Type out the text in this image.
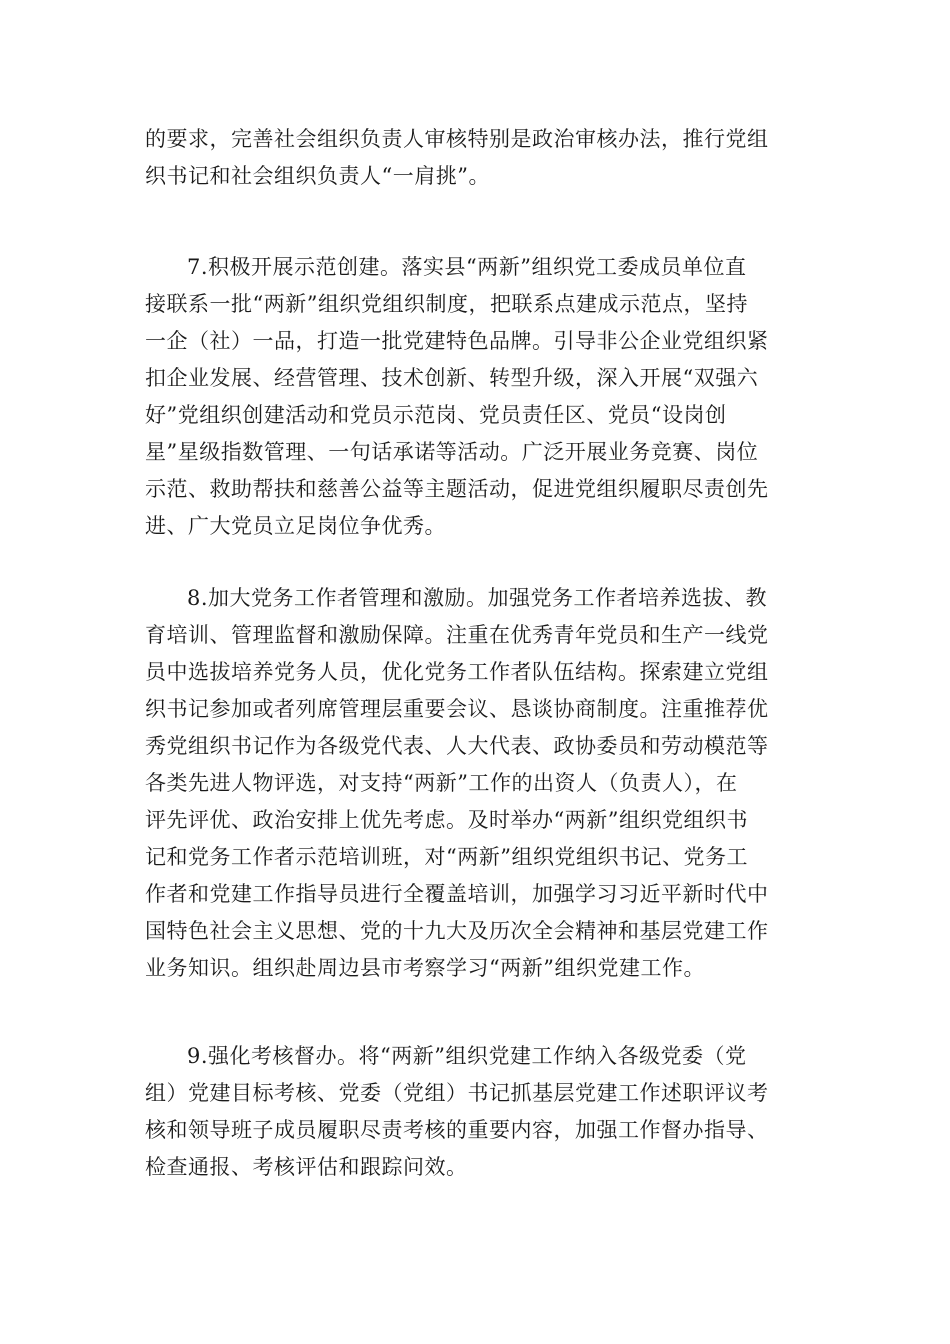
的要求，完善社会组织负责人审核特别是政治审核办法，推行党组
织书记和社会组织负责人“一肩挑”。
7.积极开展示范创建。落实县“两新”组织党工委成员单位直
接联系一批“两新”组织党组织制度，把联系点建成示范点，坚持
一企（社）一品，打造一批党建特色品牌。引导非公企业党组织紧
扣企业发展、经营管理、技术创新、转型升级，深入开展“双强六
好”党组织创建活动和党员示范岗、党员责任区、党员“设岗创
星”星级指数管理、一句话承诺等活动。广泛开展业务竞赛、岗位
示范、救助帮扶和慈善公益等主题活动，促进党组织履职尽责创先
进、广大党员立足岗位争优秀。
8.加大党务工作者管理和激励。加强党务工作者培养选拔、教
育培训、管理监督和激励保障。注重在优秀青年党员和生产一线党
员中选拔培养党务人员，优化党务工作者队伍结构。探索建立党组
织书记参加或者列席管理层重要会议、恳谈协商制度。注重推荐优
秀党组织书记作为各级党代表、人大代表、政协委员和劳动模范等
各类先进人物评选，对支持“两新”工作的出资人（负责人），在
评先评优、政治安排上优先考虑。及时举办“两新”组织党组织书
记和党务工作者示范培训班，对“两新”组织党组织书记、党务工
作者和党建工作指导员进行全覆盖培训，加强学习习近平新时代中
国特色社会主义思想、党的十九大及历次全会精神和基层党建工作
业务知识。组织赴周边县市考察学习“两新”组织党建工作。
9.强化考核督办。将“两新”组织党建工作纳入各级党委（党
组）党建目标考核、党委（党组）书记抓基层党建工作述职评议考
核和领导班子成员履职尽责考核的重要内容，加强工作督办指导、
检查通报、考核评估和跟踪问效。
